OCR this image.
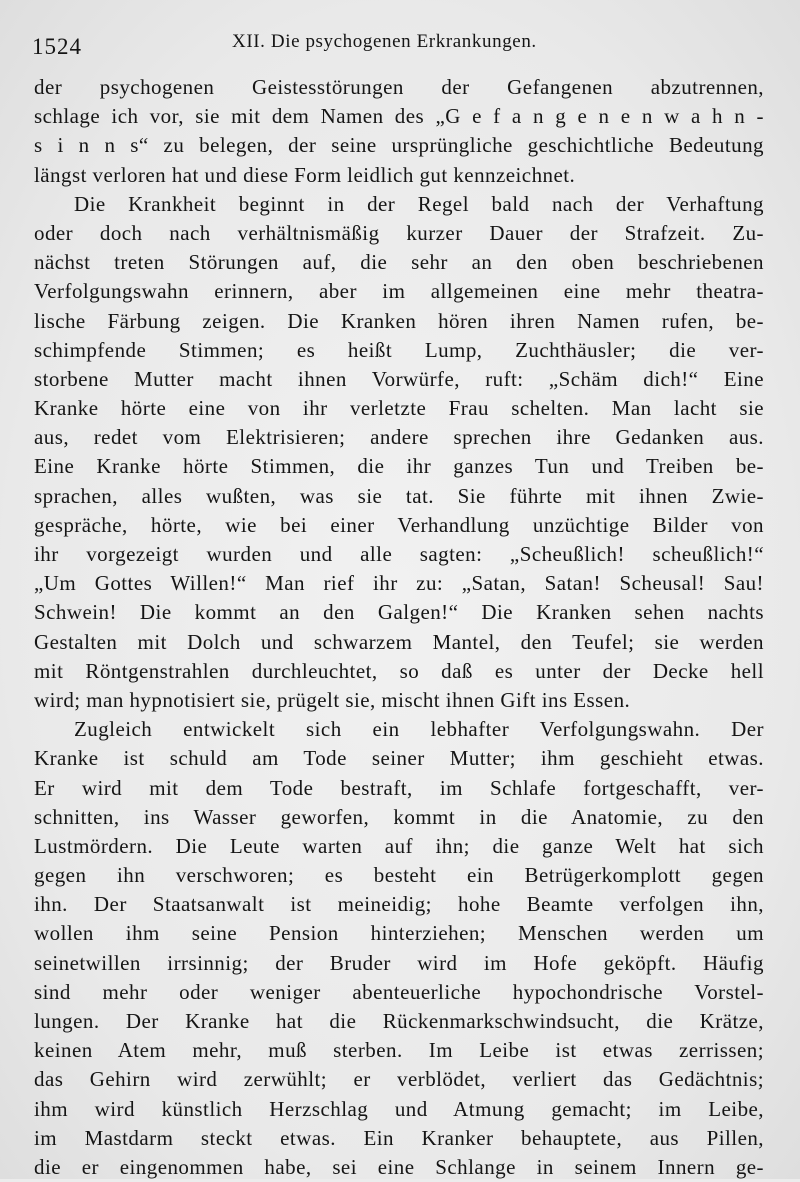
1524	XII. Die psychogenen Erkrankungen.
der psychogenen Geistesstörungen der Gefangenen abzutrennen,
schlage ich vor, sie mit dem Namen des „G e f a n g e n e n w a h n -
s i n n s“ zu belegen, der seine ursprüngliche geschichtliche Bedeutung
längst verloren hat und diese Form leidlich gut kennzeichnet.
Die Krankheit beginnt in der Regel bald nach der Verhaftung
oder doch nach verhältnismäßig kurzer Dauer der Strafzeit. Zu-
nächst treten Störungen auf, die sehr an den oben beschriebenen
Verfolgungswahn erinnern, aber im allgemeinen eine mehr theatra-
lische Färbung zeigen. Die Kranken hören ihren Namen rufen, be-
schimpfende Stimmen; es heißt Lump, Zuchthäusler; die ver-
storbene Mutter macht ihnen Vorwürfe, ruft: „Schäm dich!“ Eine
Kranke hörte eine von ihr verletzte Frau schelten. Man lacht sie
aus, redet vom Elektrisieren; andere sprechen ihre Gedanken aus.
Eine Kranke hörte Stimmen, die ihr ganzes Tun und Treiben be-
sprachen, alles wußten, was sie tat. Sie führte mit ihnen Zwie-
gespräche, hörte, wie bei einer Verhandlung unzüchtige Bilder von
ihr vorgezeigt wurden und alle sagten: „Scheußlich! scheußlich!“
„Um Gottes Willen!“ Man rief ihr zu: „Satan, Satan! Scheusal! Sau!
Schwein! Die kommt an den Galgen!“ Die Kranken sehen nachts
Gestalten mit Dolch und schwarzem Mantel, den Teufel; sie werden
mit Röntgenstrahlen durchleuchtet, so daß es unter der Decke hell
wird; man hypnotisiert sie, prügelt sie, mischt ihnen Gift ins Essen.
Zugleich entwickelt sich ein lebhafter Verfolgungswahn. Der
Kranke ist schuld am Tode seiner Mutter; ihm geschieht etwas.
Er wird mit dem Tode bestraft, im Schlafe fortgeschafft, ver-
schnitten, ins Wasser geworfen, kommt in die Anatomie, zu den
Lustmördern. Die Leute warten auf ihn; die ganze Welt hat sich
gegen ihn verschworen; es besteht ein Betrügerkomplott gegen
ihn. Der Staatsanwalt ist meineidig; hohe Beamte verfolgen ihn,
wollen ihm seine Pension hinterziehen; Menschen werden um
seinetwillen irrsinnig; der Bruder wird im Hofe geköpft. Häufig
sind mehr oder weniger abenteuerliche hypochondrische Vorstel-
lungen. Der Kranke hat die Rückenmarkschwindsucht, die Krätze,
keinen Atem mehr, muß sterben. Im Leibe ist etwas zerrissen;
das Gehirn wird zerwühlt; er verblödet, verliert das Gedächtnis;
ihm wird künstlich Herzschlag und Atmung gemacht; im Leibe,
im Mastdarm steckt etwas. Ein Kranker behauptete, aus Pillen,
die er eingenommen habe, sei eine Schlange in seinem Innern ge-
